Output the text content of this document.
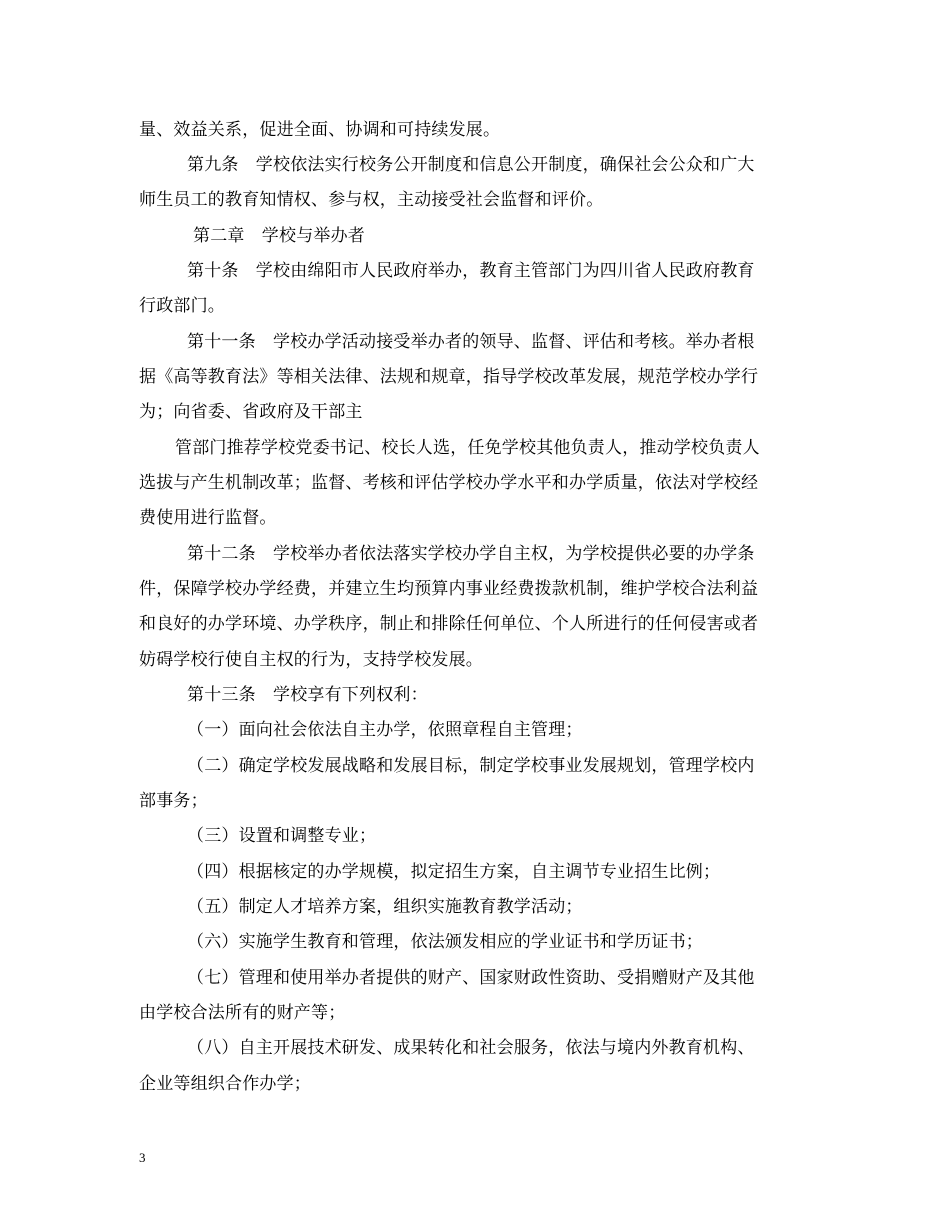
量、效益关系，促进全面、协调和可持续发展。
第九条　学校依法实行校务公开制度和信息公开制度，确保社会公众和广大
师生员工的教育知情权、参与权，主动接受社会监督和评价。
第二章　学校与举办者
第十条　学校由绵阳市人民政府举办，教育主管部门为四川省人民政府教育
行政部门。
第十一条　学校办学活动接受举办者的领导、监督、评估和考核。举办者根
据《高等教育法》等相关法律、法规和规章，指导学校改革发展，规范学校办学行
为；向省委、省政府及干部主
管部门推荐学校党委书记、校长人选，任免学校其他负责人，推动学校负责人
选拔与产生机制改革；监督、考核和评估学校办学水平和办学质量，依法对学校经
费使用进行监督。
第十二条　学校举办者依法落实学校办学自主权，为学校提供必要的办学条
件，保障学校办学经费，并建立生均预算内事业经费拨款机制，维护学校合法利益
和良好的办学环境、办学秩序，制止和排除任何单位、个人所进行的任何侵害或者
妨碍学校行使自主权的行为，支持学校发展。
第十三条　学校享有下列权利：
（一）面向社会依法自主办学，依照章程自主管理；
（二）确定学校发展战略和发展目标，制定学校事业发展规划，管理学校内
部事务；
（三）设置和调整专业；
（四）根据核定的办学规模，拟定招生方案，自主调节专业招生比例；
（五）制定人才培养方案，组织实施教育教学活动；
（六）实施学生教育和管理，依法颁发相应的学业证书和学历证书；
（七）管理和使用举办者提供的财产、国家财政性资助、受捐赠财产及其他
由学校合法所有的财产等；
（八）自主开展技术研发、成果转化和社会服务，依法与境内外教育机构、
企业等组织合作办学；
3
